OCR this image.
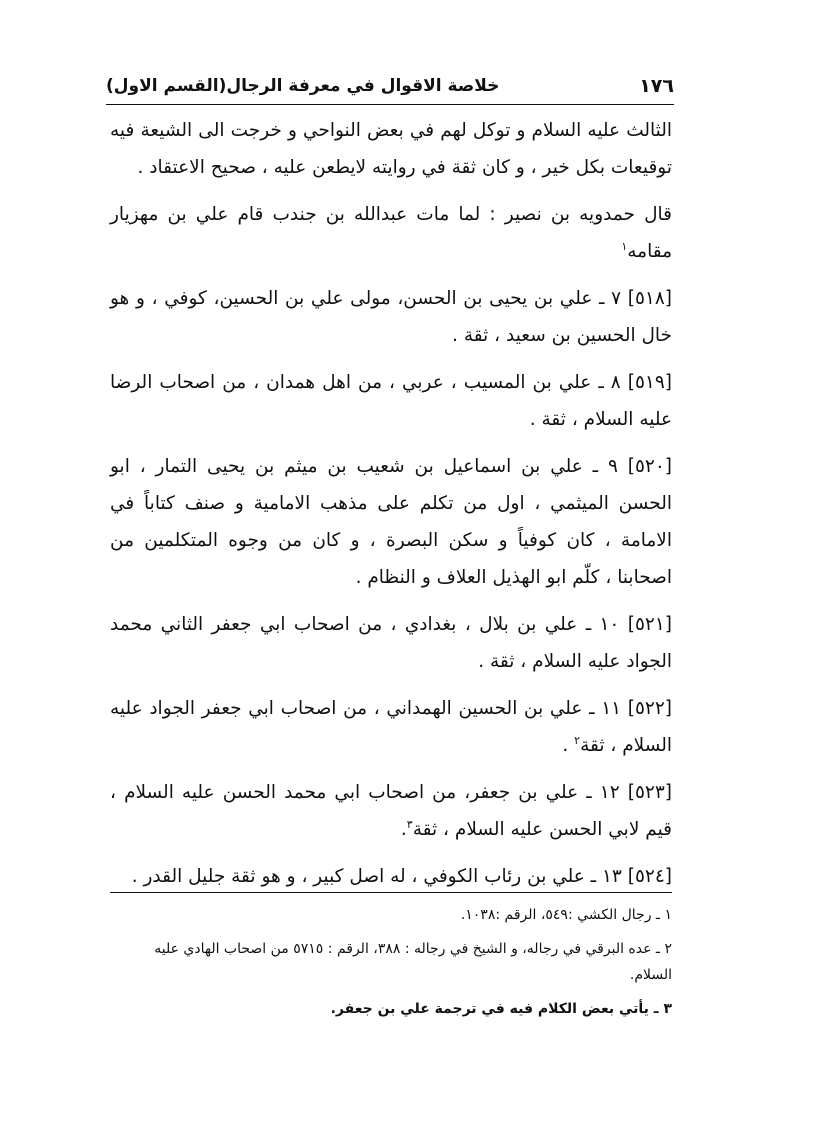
١٧٦
خلاصة الاقوال في معرفة الرجال(القسم الاول)

الثالث عليه السلام و توكل لهم في بعض النواحي و خرجت الى الشيعة فيه توقيعات بكل خير ، و كان ثقة في روايته لايطعن عليه ، صحيح الاعتقاد .

قال حمدويه بن نصير : لما مات عبدالله بن جندب قام علي بن مهزيار مقامه$^١$

[٥١٨] ٧ ـ علي بن يحيى بن الحسن، مولى علي بن الحسين، كوفي ، و هو خال الحسين بن سعيد ، ثقة .

[٥١٩] ٨ ـ علي بن المسيب ، عربي ، من اهل همدان ، من اصحاب الرضا عليه السلام ، ثقة .

[٥٢٠] ٩ ـ علي بن اسماعيل بن شعيب بن ميثم بن يحيى التمار ، ابو الحسن الميثمي ، اول من تكلم على مذهب الامامية و صنف كتاباً في الامامة ، كان كوفياً و سكن البصرة ، و كان من وجوه المتكلمين من اصحابنا ، كلّم ابو الهذيل العلاف و النظام .

[٥٢١] ١٠ ـ علي بن بلال ، بغدادي ، من اصحاب ابي جعفر الثاني محمد الجواد عليه السلام ، ثقة .

[٥٢٢] ١١ ـ علي بن الحسين الهمداني ، من اصحاب ابي جعفر الجواد عليه السلام ، ثقة$^٢$ .

[٥٢٣] ١٢ ـ علي بن جعفر، من اصحاب ابي محمد الحسن عليه السلام ، قيم لابي الحسن عليه السلام ، ثقة$^٣$.

[٥٢٤] ١٣ ـ علي بن رئاب الكوفي ، له اصل كبير ، و هو ثقة جليل القدر .

١ ـ رجال الكشي :٥٤٩، الرقم :١٠٣٨.

٢ ـ عده البرقي في رجاله، و الشيخ في رجاله : ٣٨٨، الرقم : ٥٧١٥ من اصحاب الهادي عليه السلام.

٣ ـ يأتي بعض الكلام فيه في ترجمة علي بن جعفر.
